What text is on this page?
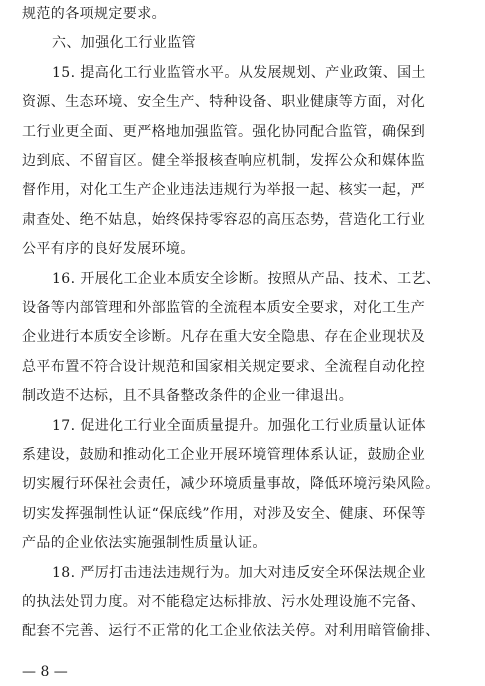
规范的各项规定要求。
六、加强化工行业监管
15. 提高化工行业监管水平。从发展规划、产业政策、国土
资源、生态环境、安全生产、特种设备、职业健康等方面，对化
工行业更全面、更严格地加强监管。强化协同配合监管，确保到
边到底、不留盲区。健全举报核查响应机制，发挥公众和媒体监
督作用，对化工生产企业违法违规行为举报一起、核实一起，严
肃查处、绝不姑息，始终保持零容忍的高压态势，营造化工行业
公平有序的良好发展环境。
16. 开展化工企业本质安全诊断。按照从产品、技术、工艺、
设备等内部管理和外部监管的全流程本质安全要求，对化工生产
企业进行本质安全诊断。凡存在重大安全隐患、存在企业现状及
总平布置不符合设计规范和国家相关规定要求、全流程自动化控
制改造不达标，且不具备整改条件的企业一律退出。
17. 促进化工行业全面质量提升。加强化工行业质量认证体
系建设，鼓励和推动化工企业开展环境管理体系认证，鼓励企业
切实履行环保社会责任，减少环境质量事故，降低环境污染风险。
切实发挥强制性认证“保底线”作用，对涉及安全、健康、环保等
产品的企业依法实施强制性质量认证。
18. 严厉打击违法违规行为。加大对违反安全环保法规企业
的执法处罚力度。对不能稳定达标排放、污水处理设施不完备、
配套不完善、运行不正常的化工企业依法关停。对利用暗管偷排、
— 8 —
